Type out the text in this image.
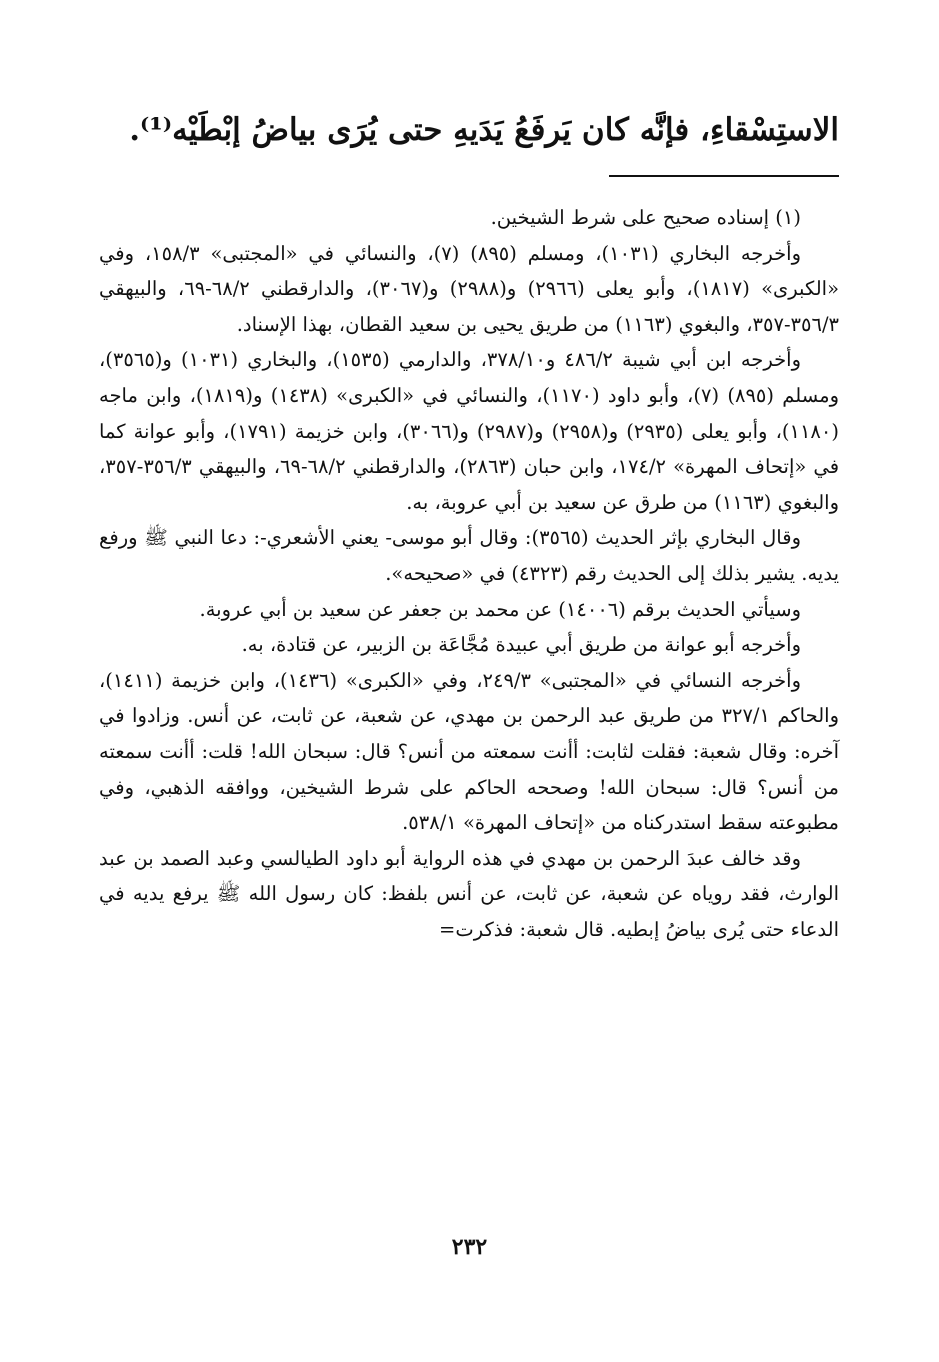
الاستِسْقاءِ، فإنَّه كان يَرفَعُ يَدَيهِ حتى يُرَى بياضُ إبْطَيْه⁽¹⁾.

(١) إسناده صحيح على شرط الشيخين.

وأخرجه البخاري (١٠٣١)، ومسلم (٨٩٥) (٧)، والنسائي في «المجتبى» ١٥٨/٣، وفي «الكبرى» (١٨١٧)، وأبو يعلى (٢٩٦٦) و(٢٩٨٨) و(٣٠٦٧)، والدارقطني ٦٨/٢-٦٩، والبيهقي ٣٥٦/٣-٣٥٧، والبغوي (١١٦٣) من طريق يحيى بن سعيد القطان، بهذا الإسناد.

وأخرجه ابن أبي شيبة ٤٨٦/٢ و٣٧٨/١٠، والدارمي (١٥٣٥)، والبخاري (١٠٣١) و(٣٥٦٥)، ومسلم (٨٩٥) (٧)، وأبو داود (١١٧٠)، والنسائي في «الكبرى» (١٤٣٨) و(١٨١٩)، وابن ماجه (١١٨٠)، وأبو يعلى (٢٩٣٥) و(٢٩٥٨) و(٢٩٨٧) و(٣٠٦٦)، وابن خزيمة (١٧٩١)، وأبو عوانة كما في «إتحاف المهرة» ١٧٤/٢، وابن حبان (٢٨٦٣)، والدارقطني ٦٨/٢-٦٩، والبيهقي ٣٥٦/٣-٣٥٧، والبغوي (١١٦٣) من طرق عن سعيد بن أبي عروبة، به.

وقال البخاري بإثر الحديث (٣٥٦٥): وقال أبو موسى- يعني الأشعري-: دعا النبي ﷺ ورفع يديه. يشير بذلك إلى الحديث رقم (٤٣٢٣) في «صحيحه».

وسيأتي الحديث برقم (١٤٠٠٦) عن محمد بن جعفر عن سعيد بن أبي عروبة.

وأخرجه أبو عوانة من طريق أبي عبيدة مُجَّاعَة بن الزبير، عن قتادة، به.

وأخرجه النسائي في «المجتبى» ٢٤٩/٣، وفي «الكبرى» (١٤٣٦)، وابن خزيمة (١٤١١)، والحاكم ٣٢٧/١ من طريق عبد الرحمن بن مهدي، عن شعبة، عن ثابت، عن أنس. وزادوا في آخره: وقال شعبة: فقلت لثابت: أأنت سمعته من أنس؟ قال: سبحان الله! قلت: أأنت سمعته من أنس؟ قال: سبحان الله! وصححه الحاكم على شرط الشيخين، ووافقه الذهبي، وفي مطبوعته سقط استدركناه من «إتحاف المهرة» ٥٣٨/١.

وقد خالف عبدَ الرحمن بن مهدي في هذه الرواية أبو داود الطيالسي وعبد الصمد بن عبد الوارث، فقد روياه عن شعبة، عن ثابت، عن أنس بلفظ: كان رسول الله ﷺ يرفع يديه في الدعاء حتى يُرى بياضُ إبطيه. قال شعبة: فذكرت=

٢٣٢
